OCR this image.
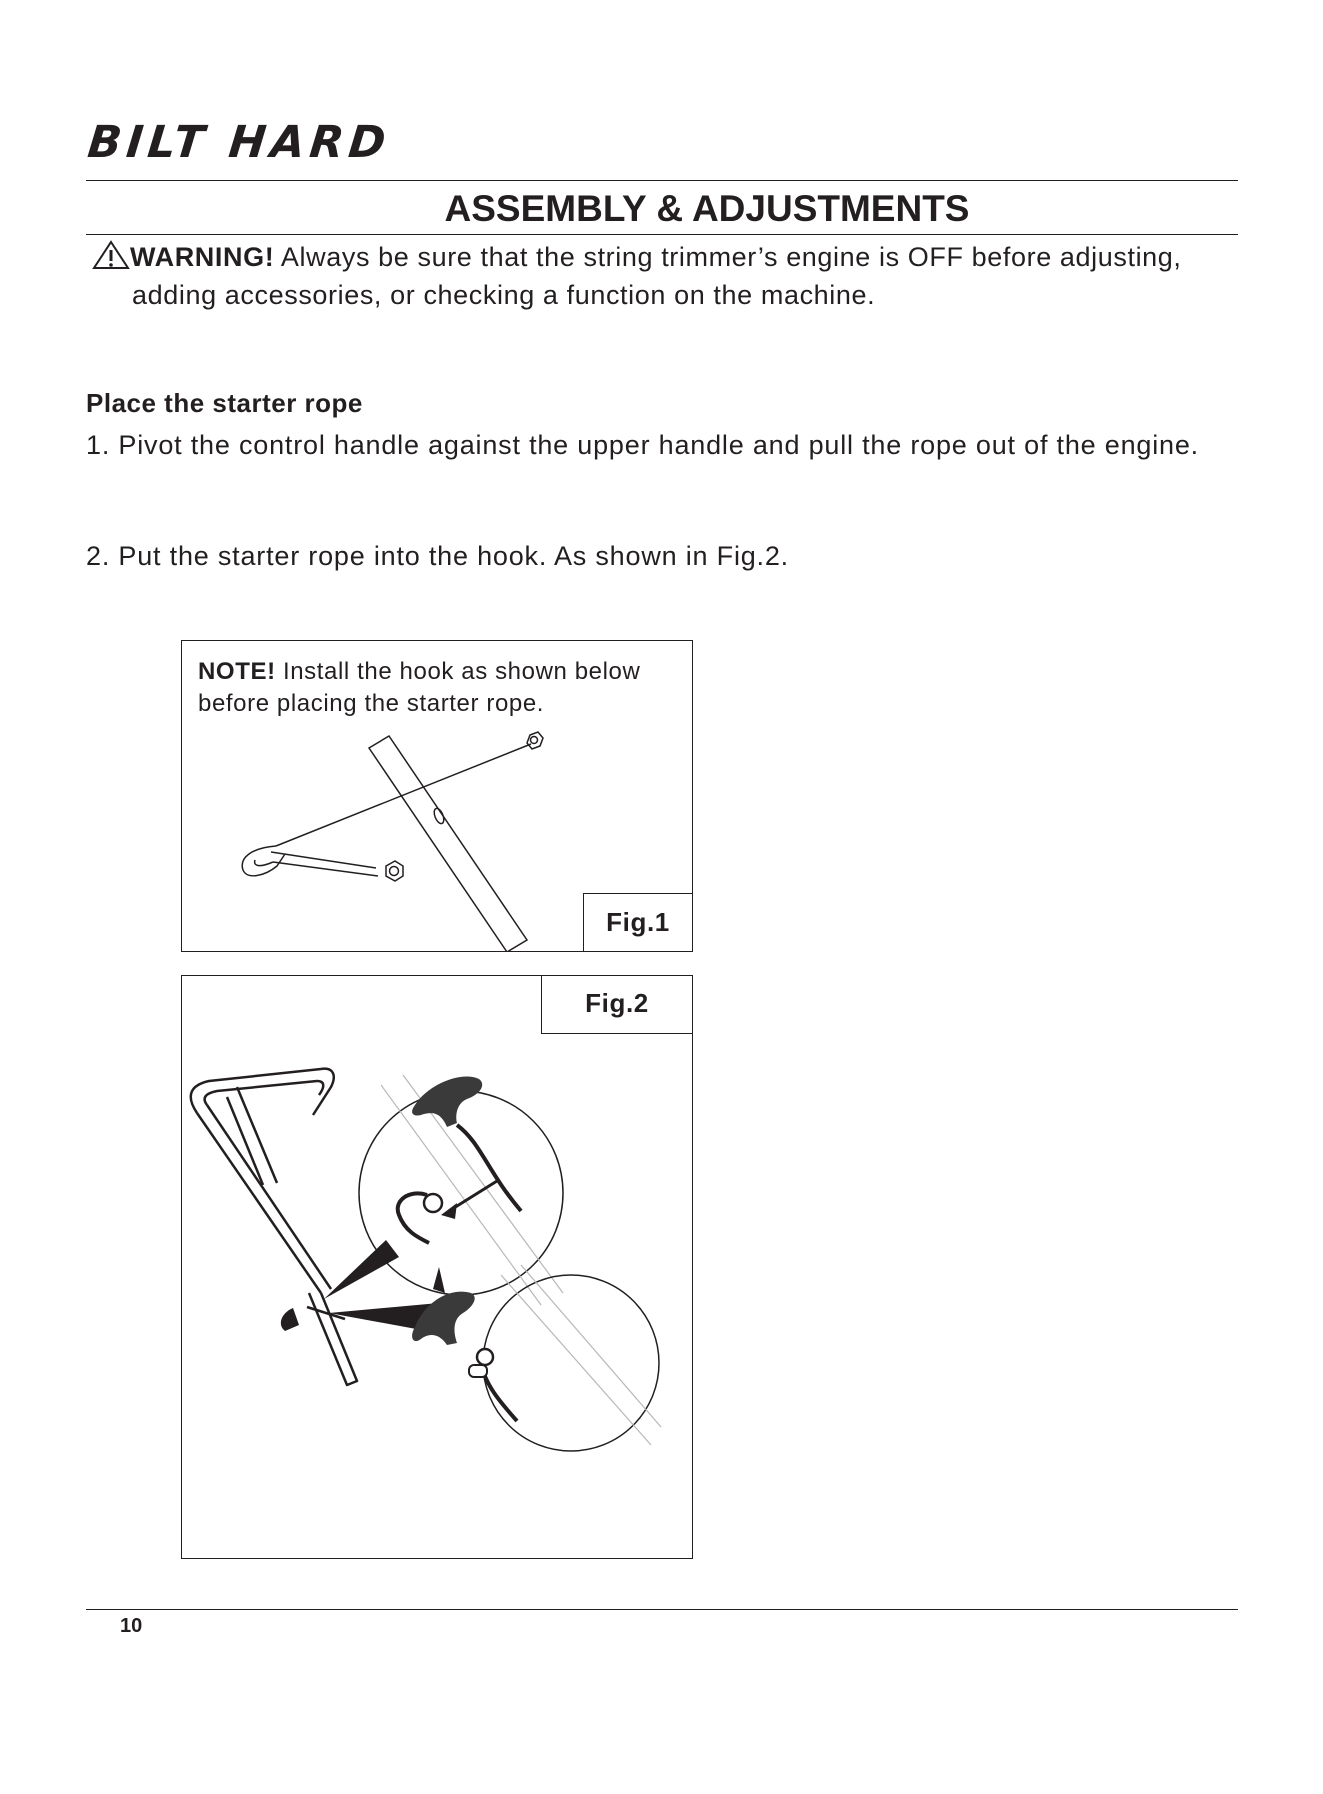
BILT HARD
ASSEMBLY & ADJUSTMENTS
WARNING! Always be sure that the string trimmer’s engine is OFF before adjusting,
adding accessories, or checking a function on the machine.
Place the starter rope
1. Pivot the control handle against the upper handle and pull the rope out of the engine.
2. Put the starter rope into the hook. As shown in Fig.2.
NOTE! Install the hook as shown below
before placing the starter rope.
Fig.1
Fig.2
10
